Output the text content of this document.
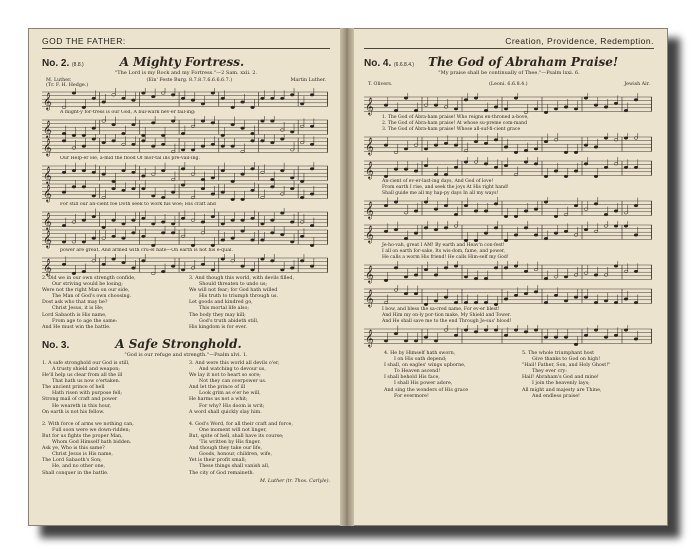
GOD THE FATHER:
No. 2. (8.8.)	A Mighty Fortress.
"The Lord is my Rock and my Fortress."—2 Sam. xxii. 2.
M. Luther.
(Tr. F. H. Hedge.)
(Ein' Feste Burg. 8.7.8.7.6.6.6.6.7.)	Martin Luther.
𝄞
A might-y for-tress is our God, A bul-wark nev-er fail-ing:
𝄞
𝄞
Our Help-er He, a-mid the flood Of mor-tal ills pre-vail-ing.
𝄞
𝄞
For still our an-cient foe Doth seek to work his woe; His craft and
𝄞
𝄞
power are great, And armed with cru-el hate—On earth is not his e-qual.
𝄞
2. Did we in our own strength confide,
Our striving would be losing;
Were not the right Man on our side,
The Man of God's own choosing.
Dost ask who that may be?
Christ Jesus, it is He;
Lord Sabaoth is His name,
From age to age the same:
And He must win the battle.
3. And though this world, with devils filled,
Should threaten to undo us;
We will not fear; for God hath willed
His truth to triumph through us.
Let goods and kindred go,
This mortal life also;
The body they may kill;
God's truth abideth still,
His kingdom is for ever.
No. 3.	A Safe Stronghold.
"God is our refuge and strength."—Psalm xlvi. 1.
1. A safe stronghold our God is still,
A trusty shield and weapon;
He'll help us clear from all the ill
That hath us now o'ertaken.
The ancient prince of hell
Hath risen with purpose fell;
Strong mail of craft and power
He weareth in this hour,
On earth is not his fellow.

2. With force of arms we nothing can,
Full soon were we down-ridden;
But for us fights the proper Man,
Whom God Himself hath bidden.
Ask ye, Who is this same?
Christ Jesus is His name,
The Lord Sabaoth's Son;
He, and no other one,
Shall conquer in the battle.
3. And were this world all devils o'er,
And watching to devour us,
We lay it not to heart so sore;
Not they can overpower us.
And let the prince of ill
Look grim as e'er he will,
He harms us not a whit;
For why? His doom is writ;
A word shall quickly slay him.

4. God's Word, for all their craft and force,
One moment will not linger,
But, spite of hell, shall have its course;
'Tis written by His finger.
And though they take our life,
Goods, honour, children, wife,
Yet is their profit small;
These things shall vanish all,
The city of God remaineth.
M. Luther (tr. Thos. Carlyle).
Creation, Providence, Redemption.
No. 4. (6.6.8.4.) The God of Abraham Praise!
"My praise shall be continually of Thee."—Psalm lxxi. 6.
T. Olivers.	(Leoni. 6.6.8.4.)	Jewish Air.
𝄞
1. The God of Abra-ham praise! Who reigns en-throned a-bove,
2. The God of Abra-ham praise! At whose su-preme com-mand
3. The God of Abra-ham praise! Whose all-suf-fi-cient grace
𝄞
𝄞
An-cient of ev-er-last-ing days, And God of love!
From earth I rise, and seek the joys At His right hand!
Shall guide me all my hap-py days In all my ways!
𝄞
𝄞
Je-ho-vah, great I AM! By earth and Heav'n con-fest!
I all on earth for-sake, Its wis-dom, fame, and power,
He calls a worm His friend! He calls Him-self my God!
𝄞
𝄞
I bow, and bless the sa-cred name, For ev-er blest!
And Him my on-ly por-tion make, My Shield and Tower.
And He shall save me to the end Through Je-sus' blood!
𝄞
4. He by Himself hath sworn,
I on His oath depend;
I shall, on eagles' wings upborne,
To Heaven ascend!
I shall behold His face,
I shall His power adore,
And sing the wonders of His grace
For evermore!
5. The whole triumphant host
Give thanks to God on high!
"Hail! Father, Son, and Holy Ghost!"
They ever cry:
Hail! Abraham's God and mine!
I join the heavenly lays;
All might and majesty are Thine,
And endless praise!
